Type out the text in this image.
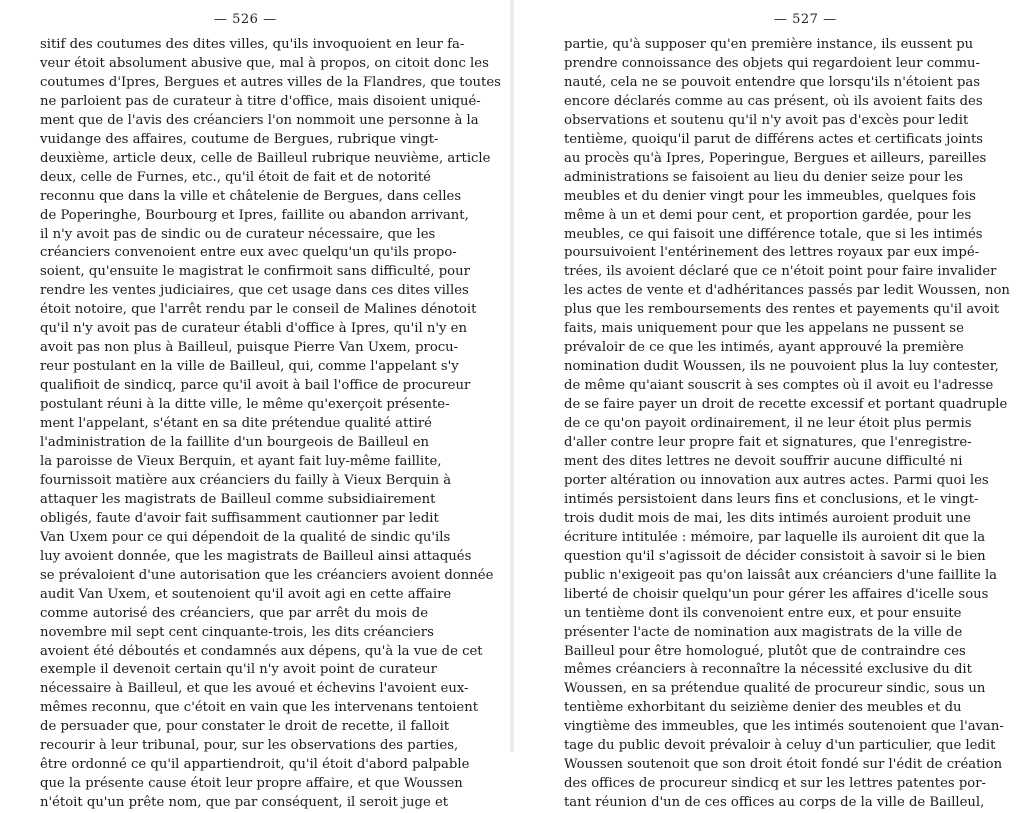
— 526 —
sitif des coutumes des dites villes, qu'ils invoquoient en leur fa-
veur étoit absolument abusive que, mal à propos, on citoit donc les
coutumes d'Ipres, Bergues et autres villes de la Flandres, que toutes
ne parloient pas de curateur à titre d'office, mais disoient uniqué-
ment que de l'avis des créanciers l'on nommoit une personne à la
vuidange des affaires, coutume de Bergues, rubrique vingt-
deuxième, article deux, celle de Bailleul rubrique neuvième, article
deux, celle de Furnes, etc., qu'il étoit de fait et de notorité
reconnu que dans la ville et châtelenie de Bergues, dans celles
de Poperinghe, Bourbourg et Ipres, faillite ou abandon arrivant,
il n'y avoit pas de sindic ou de curateur nécessaire, que les
créanciers convenoient entre eux avec quelqu'un qu'ils propo-
soient, qu'ensuite le magistrat le confirmoit sans difficulté, pour
rendre les ventes judiciaires, que cet usage dans ces dites villes
étoit notoire, que l'arrêt rendu par le conseil de Malines dénotoit
qu'il n'y avoit pas de curateur établi d'office à Ipres, qu'il n'y en
avoit pas non plus à Bailleul, puisque Pierre Van Uxem, procu-
reur postulant en la ville de Bailleul, qui, comme l'appelant s'y
qualifioit de sindicq, parce qu'il avoit à bail l'office de procureur
postulant réuni à la ditte ville, le même qu'exerçoit présente-
ment l'appelant, s'étant en sa dite prétendue qualité attiré
l'administration de la faillite d'un bourgeois de Bailleul en
la paroisse de Vieux Berquin, et ayant fait luy-même faillite,
fournissoit matière aux créanciers du failly à Vieux Berquin à
attaquer les magistrats de Bailleul comme subsidiairement
obligés, faute d'avoir fait suffisamment cautionner par ledit
Van Uxem pour ce qui dépendoit de la qualité de sindic qu'ils
luy avoient donnée, que les magistrats de Bailleul ainsi attaqués
se prévaloient d'une autorisation que les créanciers avoient donnée
audit Van Uxem, et soutenoient qu'il avoit agi en cette affaire
comme autorisé des créanciers, que par arrêt du mois de
novembre mil sept cent cinquante-trois, les dits créanciers
avoient été déboutés et condamnés aux dépens, qu'à la vue de cet
exemple il devenoit certain qu'il n'y avoit point de curateur
nécessaire à Bailleul, et que les avoué et échevins l'avoient eux-
mêmes reconnu, que c'étoit en vain que les intervenans tentoient
de persuader que, pour constater le droit de recette, il falloit
recourir à leur tribunal, pour, sur les observations des parties,
être ordonné ce qu'il appartiendroit, qu'il étoit d'abord palpable
que la présente cause étoit leur propre affaire, et que Woussen
n'étoit qu'un prête nom, que par conséquent, il seroit juge et
— 527 —
partie, qu'à supposer qu'en première instance, ils eussent pu
prendre connoissance des objets qui regardoient leur commu-
nauté, cela ne se pouvoit entendre que lorsqu'ils n'étoient pas
encore déclarés comme au cas présent, où ils avoient faits des
observations et soutenu qu'il n'y avoit pas d'excès pour ledit
tentième, quoiqu'il parut de différens actes et certificats joints
au procès qu'à Ipres, Poperingue, Bergues et ailleurs, pareilles
administrations se faisoient au lieu du denier seize pour les
meubles et du denier vingt pour les immeubles, quelques fois
même à un et demi pour cent, et proportion gardée, pour les
meubles, ce qui faisoit une différence totale, que si les intimés
poursuivoient l'entérinement des lettres royaux par eux impé-
trées, ils avoient déclaré que ce n'étoit point pour faire invalider
les actes de vente et d'adhéritances passés par ledit Woussen, non
plus que les remboursements des rentes et payements qu'il avoit
faits, mais uniquement pour que les appelans ne pussent se
prévaloir de ce que les intimés, ayant approuvé la première
nomination dudit Woussen, ils ne pouvoient plus la luy contester,
de même qu'aiant souscrit à ses comptes où il avoit eu l'adresse
de se faire payer un droit de recette excessif et portant quadruple
de ce qu'on payoit ordinairement, il ne leur étoit plus permis
d'aller contre leur propre fait et signatures, que l'enregistre-
ment des dites lettres ne devoit souffrir aucune difficulté ni
porter altération ou innovation aux autres actes. Parmi quoi les
intimés persistoient dans leurs fins et conclusions, et le vingt-
trois dudit mois de mai, les dits intimés auroient produit une
écriture intitulée : mémoire, par laquelle ils auroient dit que la
question qu'il s'agissoit de décider consistoit à savoir si le bien
public n'exigeoit pas qu'on laissât aux créanciers d'une faillite la
liberté de choisir quelqu'un pour gérer les affaires d'icelle sous
un tentième dont ils convenoient entre eux, et pour ensuite
présenter l'acte de nomination aux magistrats de la ville de
Bailleul pour être homologué, plutôt que de contraindre ces
mêmes créanciers à reconnaître la nécessité exclusive du dit
Woussen, en sa prétendue qualité de procureur sindic, sous un
tentième exhorbitant du seizième denier des meubles et du
vingtième des immeubles, que les intimés soutenoient que l'avan-
tage du public devoit prévaloir à celuy d'un particulier, que ledit
Woussen soutenoit que son droit étoit fondé sur l'édit de création
des offices de procureur sindicq et sur les lettres patentes por-
tant réunion d'un de ces offices au corps de la ville de Bailleul,
